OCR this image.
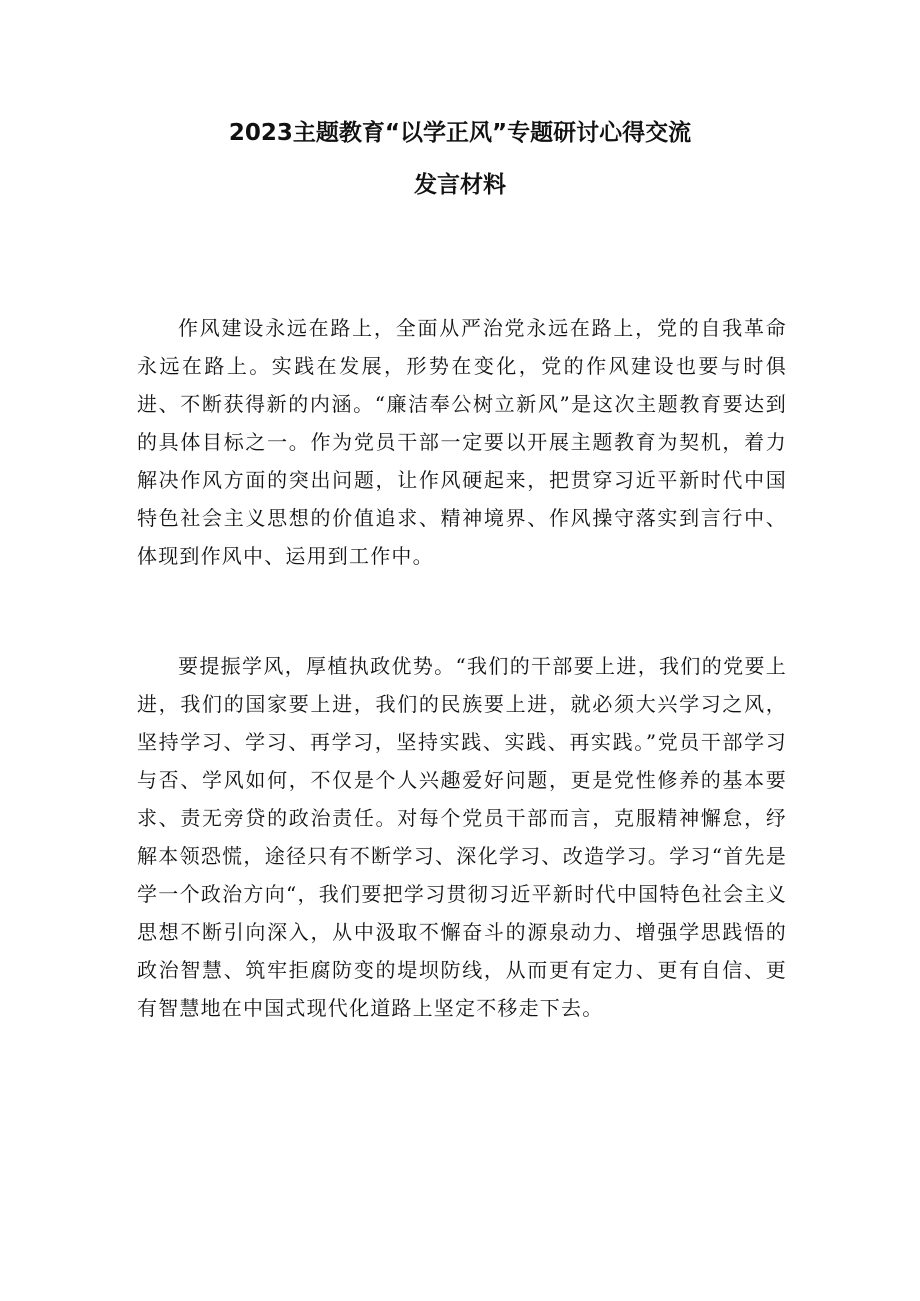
2023主题教育“以学正风”专题研讨心得交流
发言材料

作风建设永远在路上，全面从严治党永远在路上，党的自我革命永远在路上。实践在发展，形势在变化，党的作风建设也要与时俱进、不断获得新的内涵。“廉洁奉公树立新风”是这次主题教育要达到的具体目标之一。作为党员干部一定要以开展主题教育为契机，着力解决作风方面的突出问题，让作风硬起来，把贯穿习近平新时代中国特色社会主义思想的价值追求、精神境界、作风操守落实到言行中、体现到作风中、运用到工作中。

要提振学风，厚植执政优势。“我们的干部要上进，我们的党要上进，我们的国家要上进，我们的民族要上进，就必须大兴学习之风，坚持学习、学习、再学习，坚持实践、实践、再实践。”党员干部学习与否、学风如何，不仅是个人兴趣爱好问题，更是党性修养的基本要求、责无旁贷的政治责任。对每个党员干部而言，克服精神懈怠，纾解本领恐慌，途径只有不断学习、深化学习、改造学习。学习“首先是学一个政治方向“，我们要把学习贯彻习近平新时代中国特色社会主义思想不断引向深入，从中汲取不懈奋斗的源泉动力、增强学思践悟的政治智慧、筑牢拒腐防变的堤坝防线，从而更有定力、更有自信、更有智慧地在中国式现代化道路上坚定不移走下去。
